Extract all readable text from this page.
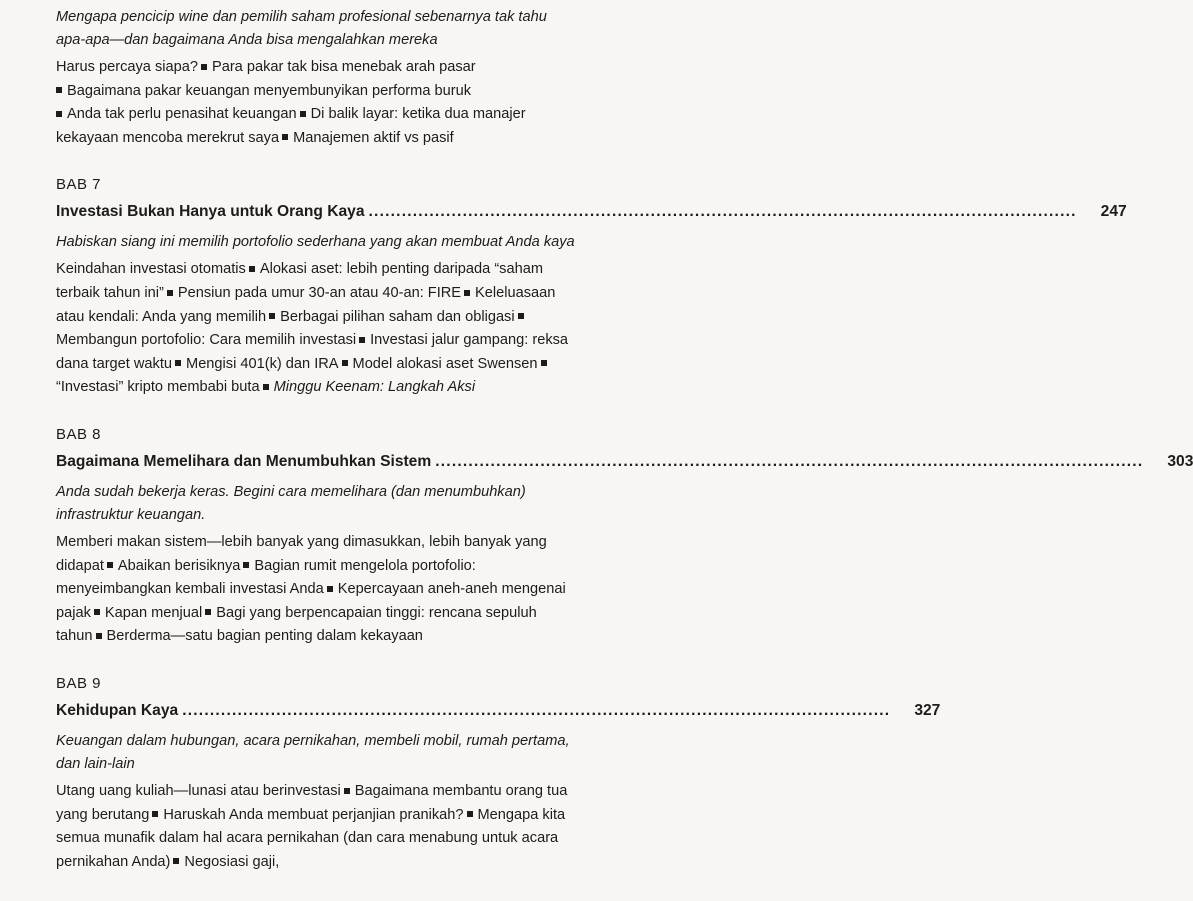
Mengapa pencicip wine dan pemilih saham profesional sebenarnya tak tahu apa-apa—dan bagaimana Anda bisa mengalahkan mereka

Harus percaya siapa? Para pakar tak bisa menebak arah pasar
Bagaimana pakar keuangan menyembunyikan performa buruk
Anda tak perlu penasihat keuangan Di balik layar: ketika dua manajer kekayaan mencoba merekrut saya Manajemen aktif vs pasif

BAB 7

Investasi Bukan Hanya untuk Orang Kaya .....	247

Habiskan siang ini memilih portofolio sederhana yang akan membuat Anda kaya

Keindahan investasi otomatis Alokasi aset: lebih penting daripada “saham terbaik tahun ini” Pensiun pada umur 30-an atau 40-an: FIRE Keleluasaan atau kendali: Anda yang memilih Berbagai pilihan saham dan obligasiMembangun portofolio: Cara memilih investasi Investasi jalur gampang: reksa dana target waktu Mengisi 401(k) dan IRA Model alokasi aset Swensen“Investasi” kripto membabi buta Minggu Keenam: Langkah Aksi

BAB 8

Bagaimana Memelihara dan Menumbuhkan Sistem .....	303

Anda sudah bekerja keras. Begini cara memelihara (dan menumbuhkan) infrastruktur keuangan.

Memberi makan sistem—lebih banyak yang dimasukkan, lebih banyak yang didapat Abaikan berisiknya Bagian rumit mengelola portofolio: menyeimbangkan kembali investasi Anda Kepercayaan aneh-aneh mengenai pajak Kapan menjual Bagi yang berpencapaian tinggi: rencana sepuluh tahun Berderma—satu bagian penting dalam kekayaan

BAB 9

Kehidupan Kaya .....	327

Keuangan dalam hubungan, acara pernikahan, membeli mobil, rumah pertama, dan lain-lain

Utang uang kuliah—lunasi atau berinvestasi Bagaimana membantu orang tua yang berutang Haruskah Anda membuat perjanjian pranikah? Mengapa kita semua munafik dalam hal acara pernikahan (dan cara menabung untuk acara pernikahan Anda) Negosiasi gaji,
